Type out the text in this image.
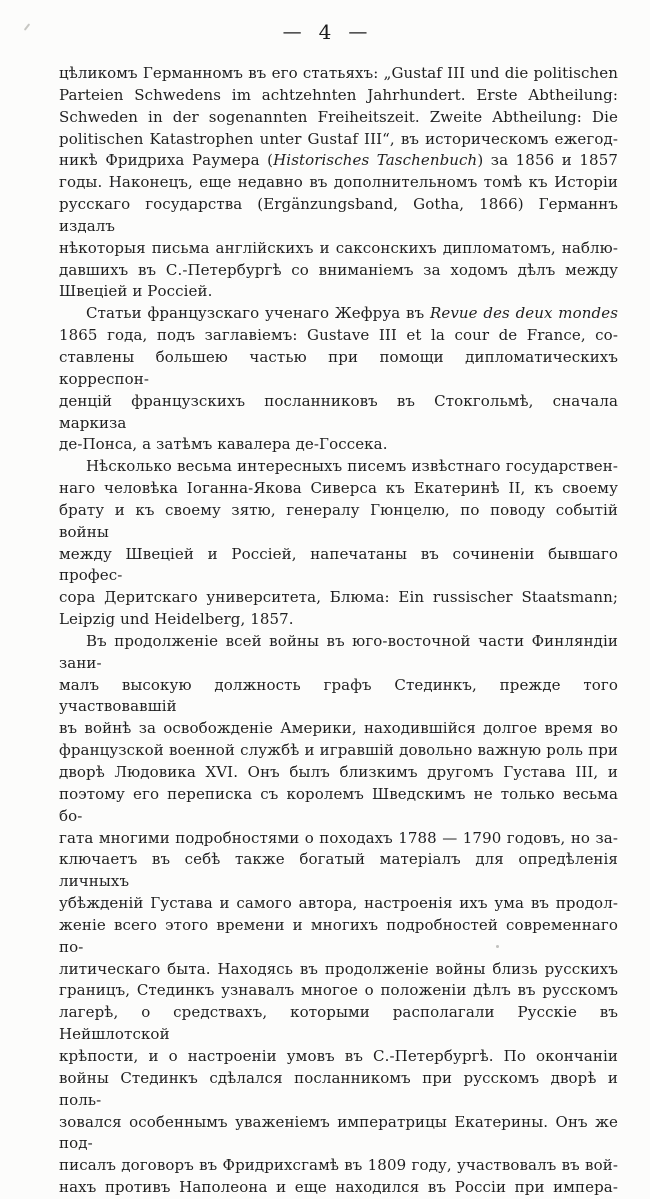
— 4 —
цѣликомъ Германномъ въ его статьяхъ: „Gustaf III und die politischen
Parteien Schwedens im achtzehnten Jahrhundert. Erste Abtheilung:
Schweden in der sogenannten Freiheitszeit. Zweite Abtheilung: Die
politischen Katastrophen unter Gustaf III“, въ историческомъ ежегод-
никѣ Фридриха Раумера (Historisches Taschenbuch) за 1856 и 1857
годы. Наконецъ, еще недавно въ дополнительномъ томѣ къ Исторіи
русскаго государства (Ergänzungsband, Gotha, 1866) Германнъ издалъ
нѣкоторыя письма англійскихъ и саксонскихъ дипломатомъ, наблю-
давшихъ въ С.-Петербургѣ со вниманіемъ за ходомъ дѣлъ между
Швеціей и Россіей.
Статьи французскаго ученаго Жефруа въ Revue des deux mondes
1865 года, подъ заглавіемъ: Gustave III et la cour de France, со-
ставлены большею частью при помощи дипломатическихъ корреспон-
денцій французскихъ посланниковъ въ Стокгольмѣ, сначала маркиза
де-Понса, а затѣмъ кавалера де-Госсека.
Нѣсколько весьма интересныхъ писемъ извѣстнаго государствен-
наго человѣка Іоганна-Якова Сиверса къ Екатеринѣ II, къ своему
брату и къ своему зятю, генералу Гюнцелю, по поводу событій войны
между Швеціей и Россіей, напечатаны въ сочиненіи бывшаго профес-
сора Деритскаго университета, Блюма: Ein russischer Staatsmann;
Leipzig und Heidelberg, 1857.
Въ продолженіе всей войны въ юго-восточной части Финляндіи зани-
малъ высокую должность графъ Стединкъ, прежде того участвовавшій
въ войнѣ за освобожденіе Америки, находившійся долгое время во
французской военной службѣ и игравшій довольно важную роль при
дворѣ Людовика XVI. Онъ былъ близкимъ другомъ Густава III, и
поэтому его переписка съ королемъ Шведскимъ не только весьма бо-
гата многими подробностями о походахъ 1788 — 1790 годовъ, но за-
ключаетъ въ себѣ также богатый матеріалъ для опредѣленія личныхъ
убѣжденій Густава и самого автора, настроенія ихъ ума въ продол-
женіе всего этого времени и многихъ подробностей современнаго по-
литическаго быта. Находясь въ продолженіе войны близь русскихъ
границъ, Стединкъ узнавалъ многое о положеніи дѣлъ въ русскомъ
лагерѣ, о средствахъ, которыми располагали Русскіе въ Нейшлотской
крѣпости, и о настроеніи умовъ въ С.-Петербургѣ. По окончаніи
войны Стединкъ сдѣлался посланникомъ при русскомъ дворѣ и поль-
зовался особеннымъ уваженіемъ императрицы Екатерины. Онъ же под-
писалъ договоръ въ Фридрихсгамѣ въ 1809 году, участвовалъ въ вой-
нахъ противъ Наполеона и еще находился въ Россіи при импера-
